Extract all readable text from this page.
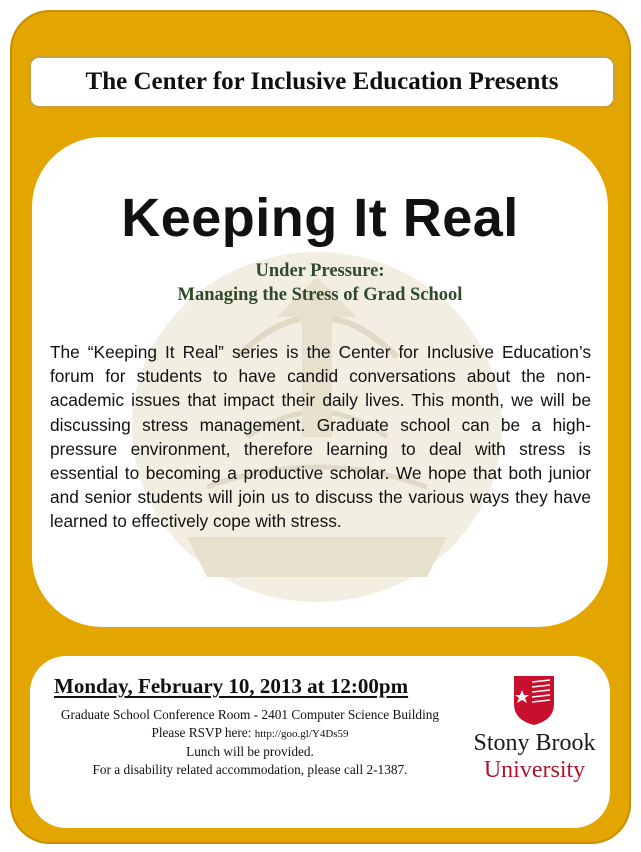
The Center for Inclusive Education Presents
Keeping It Real
Under Pressure:
Managing the Stress of Grad School
The “Keeping It Real” series is the Center for Inclusive Education’s forum for students to have candid conversations about the non-academic issues that impact their daily lives. This month, we will be discussing stress management. Graduate school can be a high-pressure environment, therefore learning to deal with stress is essential to becoming a productive scholar. We hope that both junior and senior students will join us to discuss the various ways they have learned to effectively cope with stress.
Monday, February 10, 2013 at 12:00pm
Graduate School Conference Room - 2401 Computer Science Building
Please RSVP here: http://goo.gl/Y4Ds59
Lunch will be provided.
For a disability related accommodation, please call 2-1387.
Stony Brook
University
